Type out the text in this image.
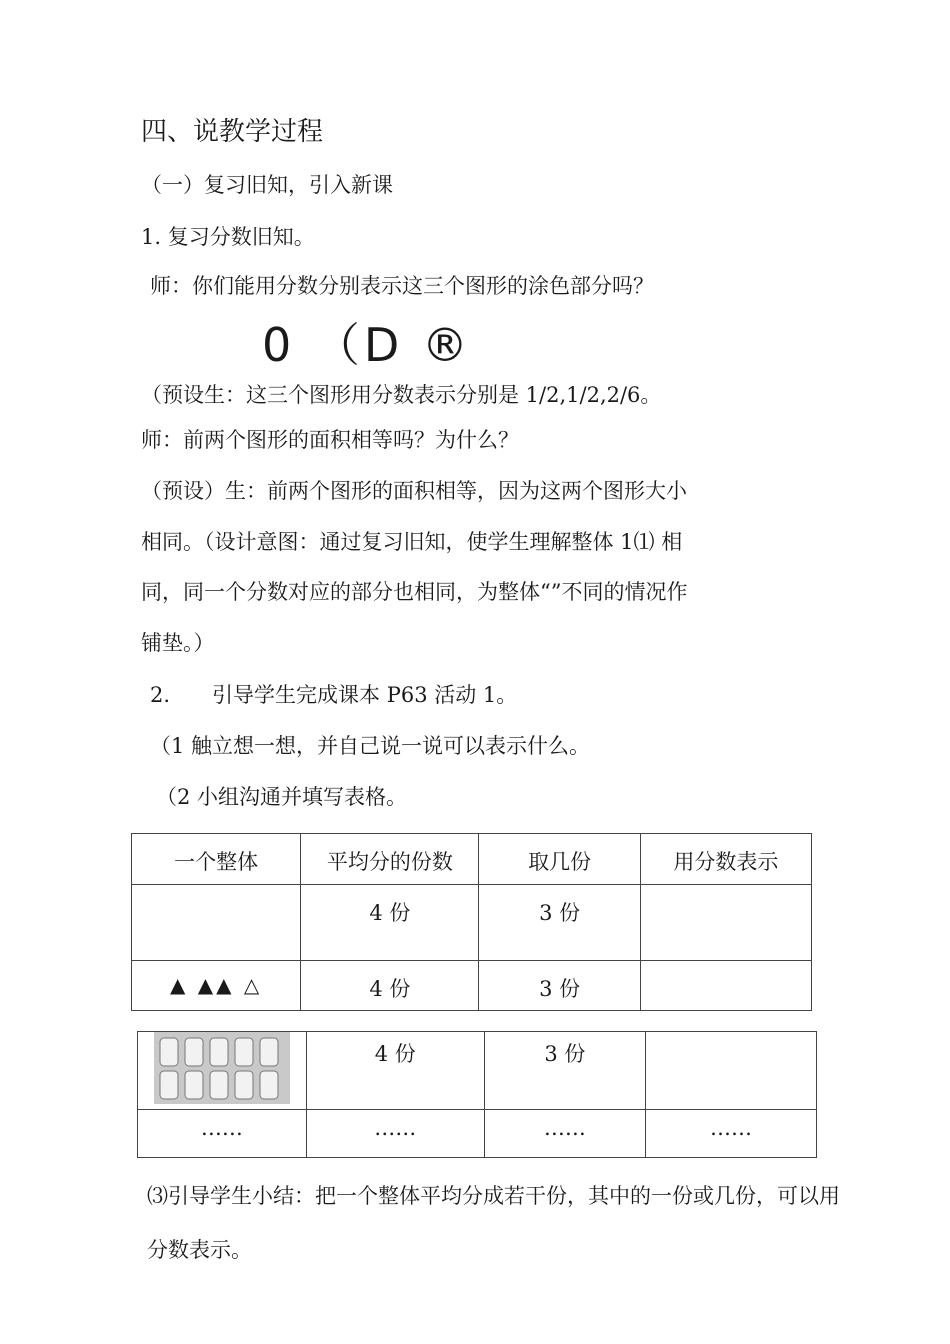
四、说教学过程
（一）复习旧知，引入新课
1. 复习分数旧知。
师：你们能用分数分别表示这三个图形的涂色部分吗？
0 （D ®
（预设生：这三个图形用分数表示分别是 1/2,1/2,2/6。
师：前两个图形的面积相等吗？为什么？
（预设）生：前两个图形的面积相等，因为这两个图形大小
相同。（设计意图：通过复习旧知，使学生理解整体 1⑴ 相
同，同一个分数对应的部分也相同，为整体“”不同的情况作
铺垫。）
2.　　引导学生完成课本 P63 活动 1。
（1 触立想一想，并自己说一说可以表示什么。
（2 小组沟通并填写表格。
一个整体	平均分的份数	取几份	用分数表示
	4 份	3 份	
▲ ▲▲ △	4 份	3 份	
	4 份	3 份	
……	……	……	……
⑶引导学生小结：把一个整体平均分成若干份，其中的一份或几份，可以用
分数表示。
